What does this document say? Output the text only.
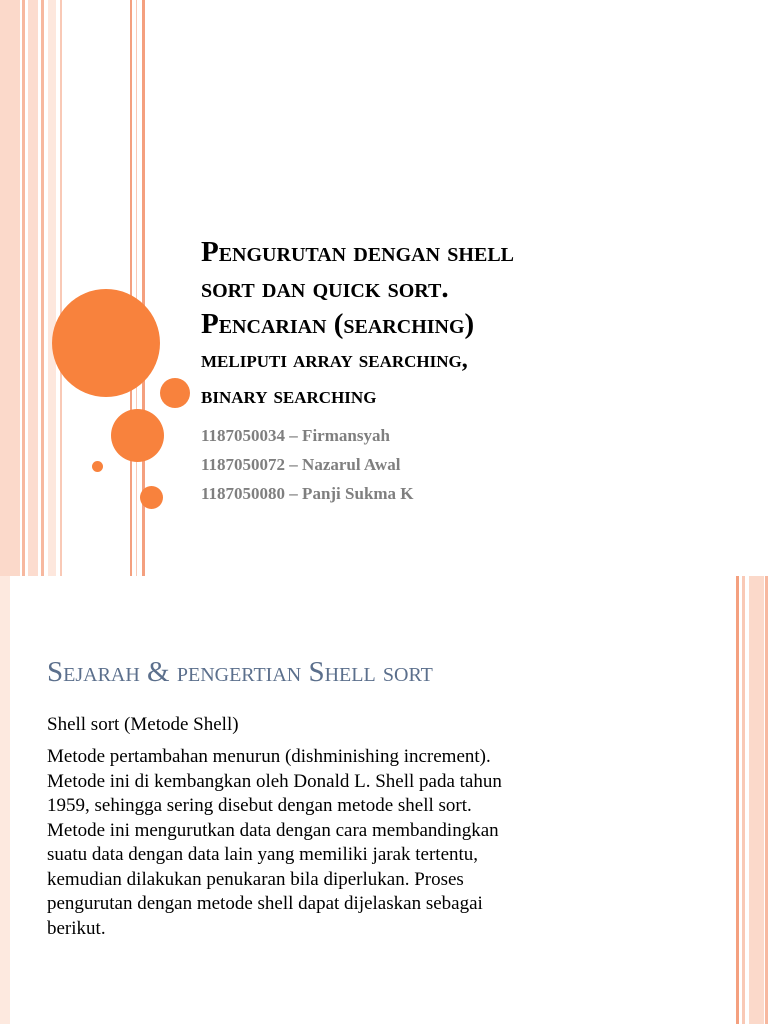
Pengurutan dengan shell
sort dan quick sort.
Pencarian (searching)
meliputi array searching,
binary searching
1187050034 – Firmansyah
1187050072 – Nazarul Awal
1187050080 – Panji Sukma K
Sejarah & pengertian Shell sort

Shell sort (Metode Shell)

Metode pertambahan menurun (dishminishing increment).
Metode ini di kembangkan oleh Donald L. Shell pada tahun
1959, sehingga sering disebut dengan metode shell sort.
Metode ini mengurutkan data dengan cara membandingkan
suatu data dengan data lain yang memiliki jarak tertentu,
kemudian dilakukan penukaran bila diperlukan. Proses
pengurutan dengan metode shell dapat dijelaskan sebagai
berikut.
